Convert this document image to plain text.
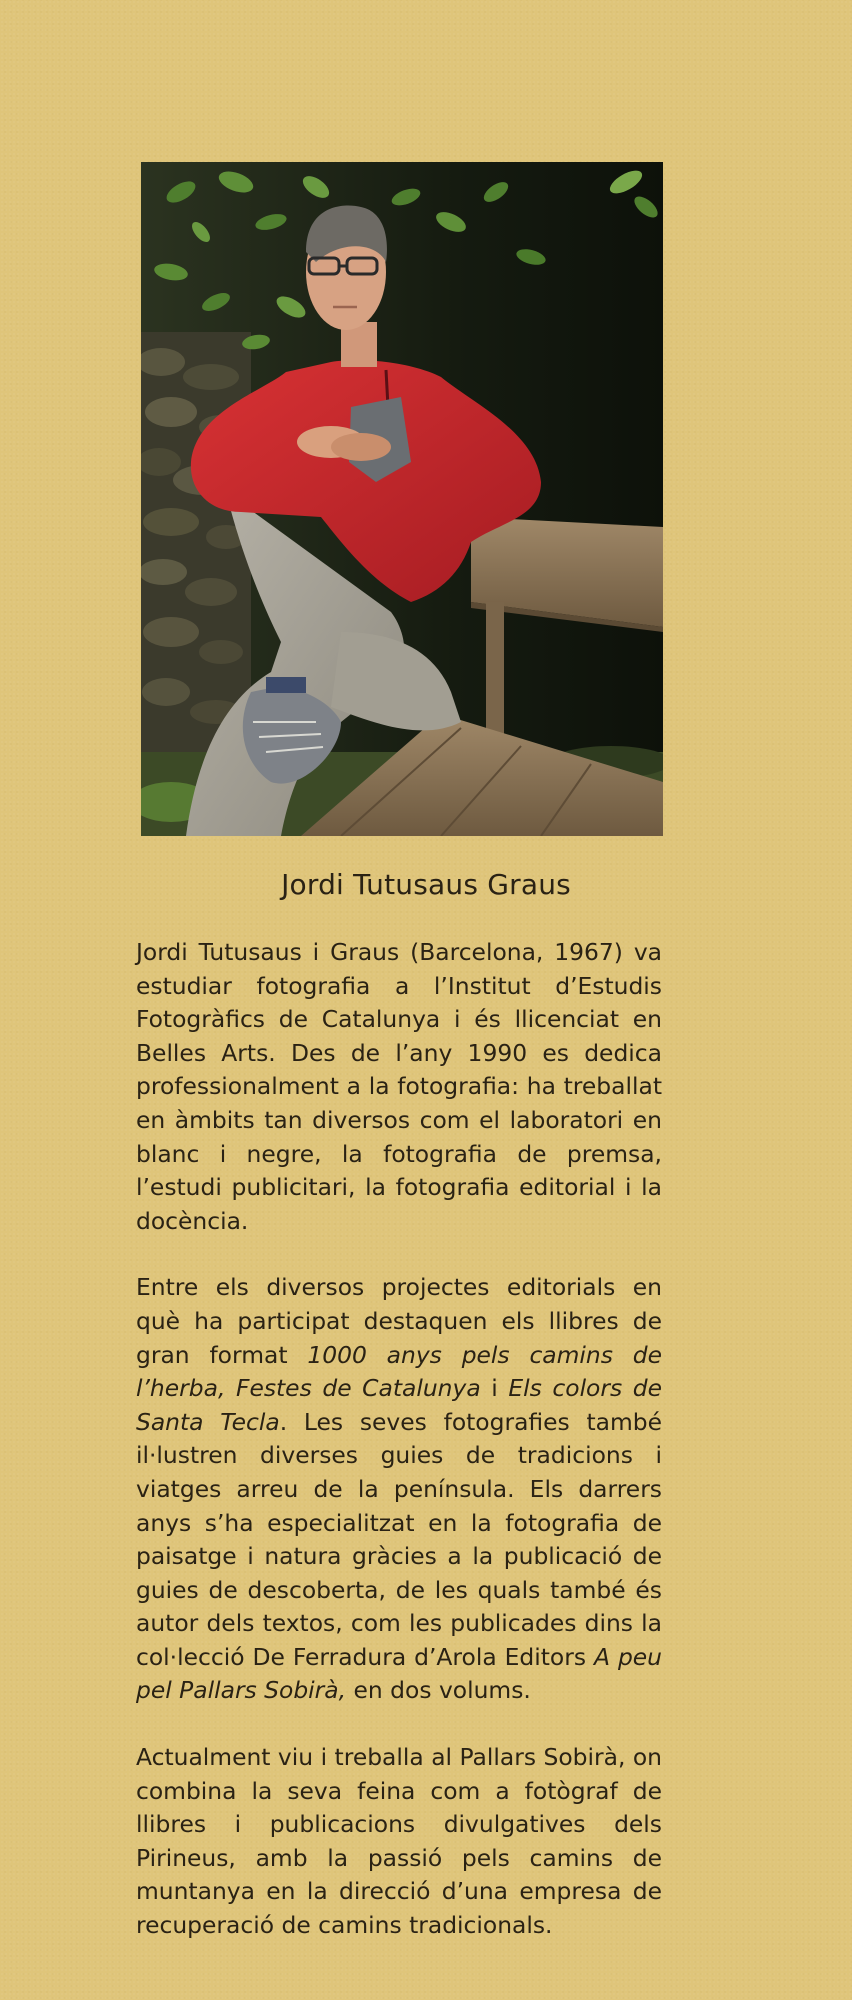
Jordi Tutusaus Graus

Jordi Tutusaus i Graus (Barcelona, 1967) va estudiar fotografia a l’Institut d’Estudis Fotogràfics de Catalunya i és llicenciat en Belles Arts. Des de l’any 1990 es dedica professionalment a la fotografia: ha treballat en àmbits tan diversos com el laboratori en blanc i negre, la fotografia de premsa, l’estudi publicitari, la fotografia editorial i la docència.

Entre els diversos projectes editorials en què ha participat destaquen els llibres de gran format 1000 anys pels camins de l’herba, Festes de Catalunya i Els colors de Santa Tecla. Les seves fotografies també il·lustren diverses guies de tradicions i viatges arreu de la península. Els darrers anys s’ha especialitzat en la fotografia de paisatge i natura gràcies a la publicació de guies de descoberta, de les quals també és autor dels textos, com les publicades dins la col·lecció De Ferradura d’Arola Editors A peu pel Pallars Sobirà, en dos volums.

Actualment viu i treballa al Pallars Sobirà, on combina la seva feina com a fotògraf de llibres i publicacions divulgatives dels Pirineus, amb la passió pels camins de muntanya en la direcció d’una empresa de recuperació de camins tradicionals.
